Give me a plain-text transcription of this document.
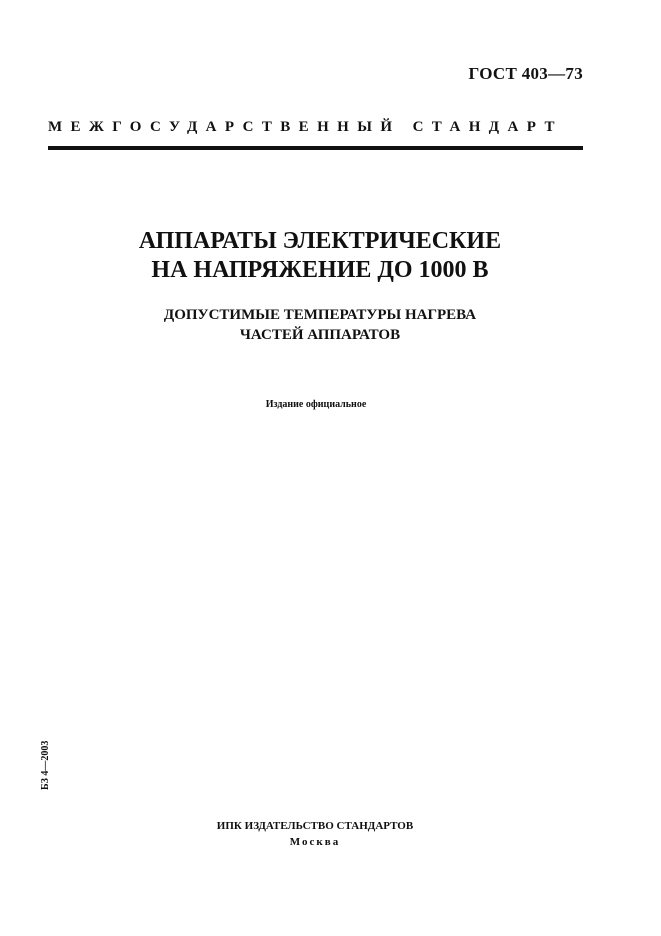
ГОСТ 403—73
МЕЖГОСУДАРСТВЕННЫЙ СТАНДАРТ
АППАРАТЫ ЭЛЕКТРИЧЕСКИЕ
НА НАПРЯЖЕНИЕ ДО 1000 В
ДОПУСТИМЫЕ ТЕМПЕРАТУРЫ НАГРЕВА
ЧАСТЕЙ АППАРАТОВ
Издание официальное
БЗ 4—2003
ИПК ИЗДАТЕЛЬСТВО СТАНДАРТОВ
Москва
